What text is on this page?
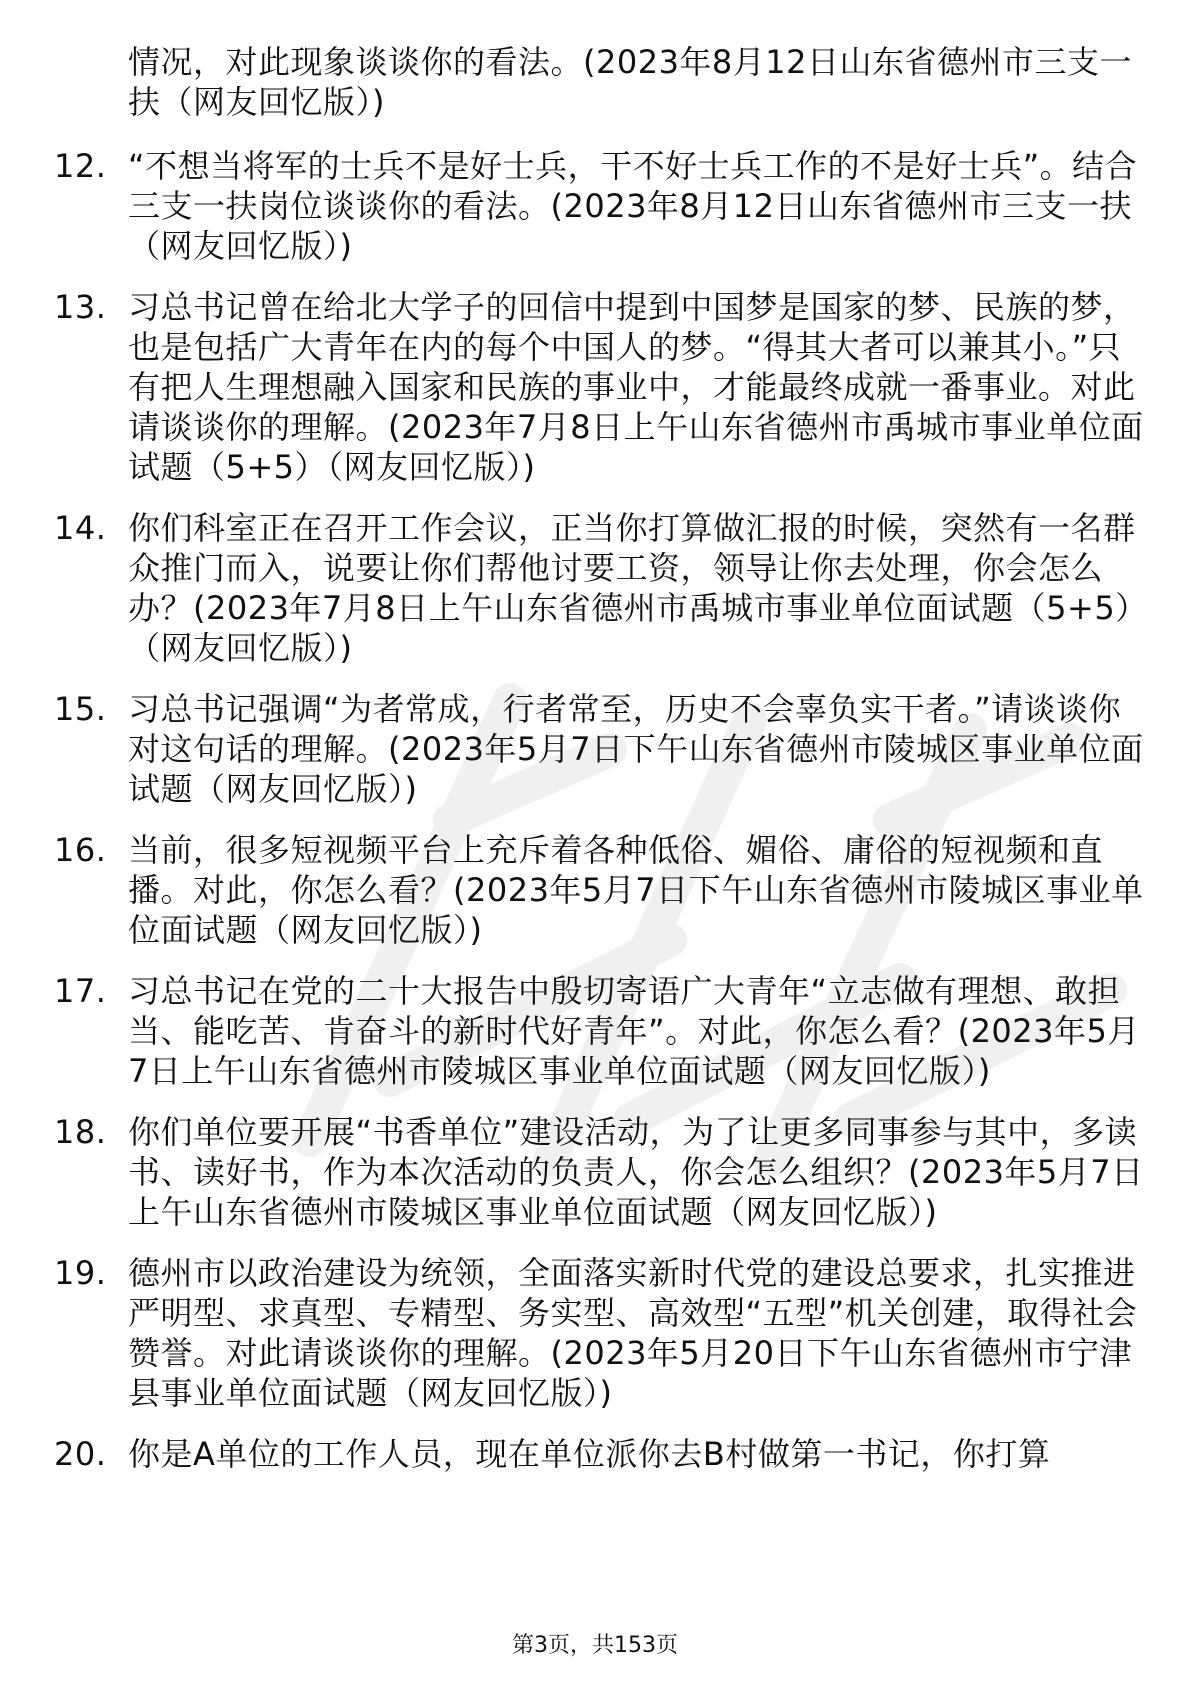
情况，对此现象谈谈你的看法。(2023年8月12日山东省德州市三支一扶（网友回忆版）)
12. “不想当将军的士兵不是好士兵，干不好士兵工作的不是好士兵”。结合三支一扶岗位谈谈你的看法。(2023年8月12日山东省德州市三支一扶（网友回忆版）)
13. 习总书记曾在给北大学子的回信中提到中国梦是国家的梦、民族的梦，也是包括广大青年在内的每个中国人的梦。“得其大者可以兼其小。”只有把人生理想融入国家和民族的事业中，才能最终成就一番事业。对此请谈谈你的理解。(2023年7月8日上午山东省德州市禹城市事业单位面试题（5+5）（网友回忆版）)
14. 你们科室正在召开工作会议，正当你打算做汇报的时候，突然有一名群众推门而入，说要让你们帮他讨要工资，领导让你去处理，你会怎么办？(2023年7月8日上午山东省德州市禹城市事业单位面试题（5+5）（网友回忆版）)
15. 习总书记强调“为者常成，行者常至，历史不会辜负实干者。”请谈谈你对这句话的理解。(2023年5月7日下午山东省德州市陵城区事业单位面试题（网友回忆版）)
16. 当前，很多短视频平台上充斥着各种低俗、媚俗、庸俗的短视频和直播。对此，你怎么看？(2023年5月7日下午山东省德州市陵城区事业单位面试题（网友回忆版）)
17. 习总书记在党的二十大报告中殷切寄语广大青年“立志做有理想、敢担当、能吃苦、肯奋斗的新时代好青年”。对此，你怎么看？(2023年5月7日上午山东省德州市陵城区事业单位面试题（网友回忆版）)
18. 你们单位要开展“书香单位”建设活动，为了让更多同事参与其中，多读书、读好书，作为本次活动的负责人，你会怎么组织？(2023年5月7日上午山东省德州市陵城区事业单位面试题（网友回忆版）)
19. 德州市以政治建设为统领，全面落实新时代党的建设总要求，扎实推进严明型、求真型、专精型、务实型、高效型“五型”机关创建，取得社会赞誉。对此请谈谈你的理解。(2023年5月20日下午山东省德州市宁津县事业单位面试题（网友回忆版）)
20. 你是A单位的工作人员，现在单位派你去B村做第一书记，你打算
第3页，共153页
